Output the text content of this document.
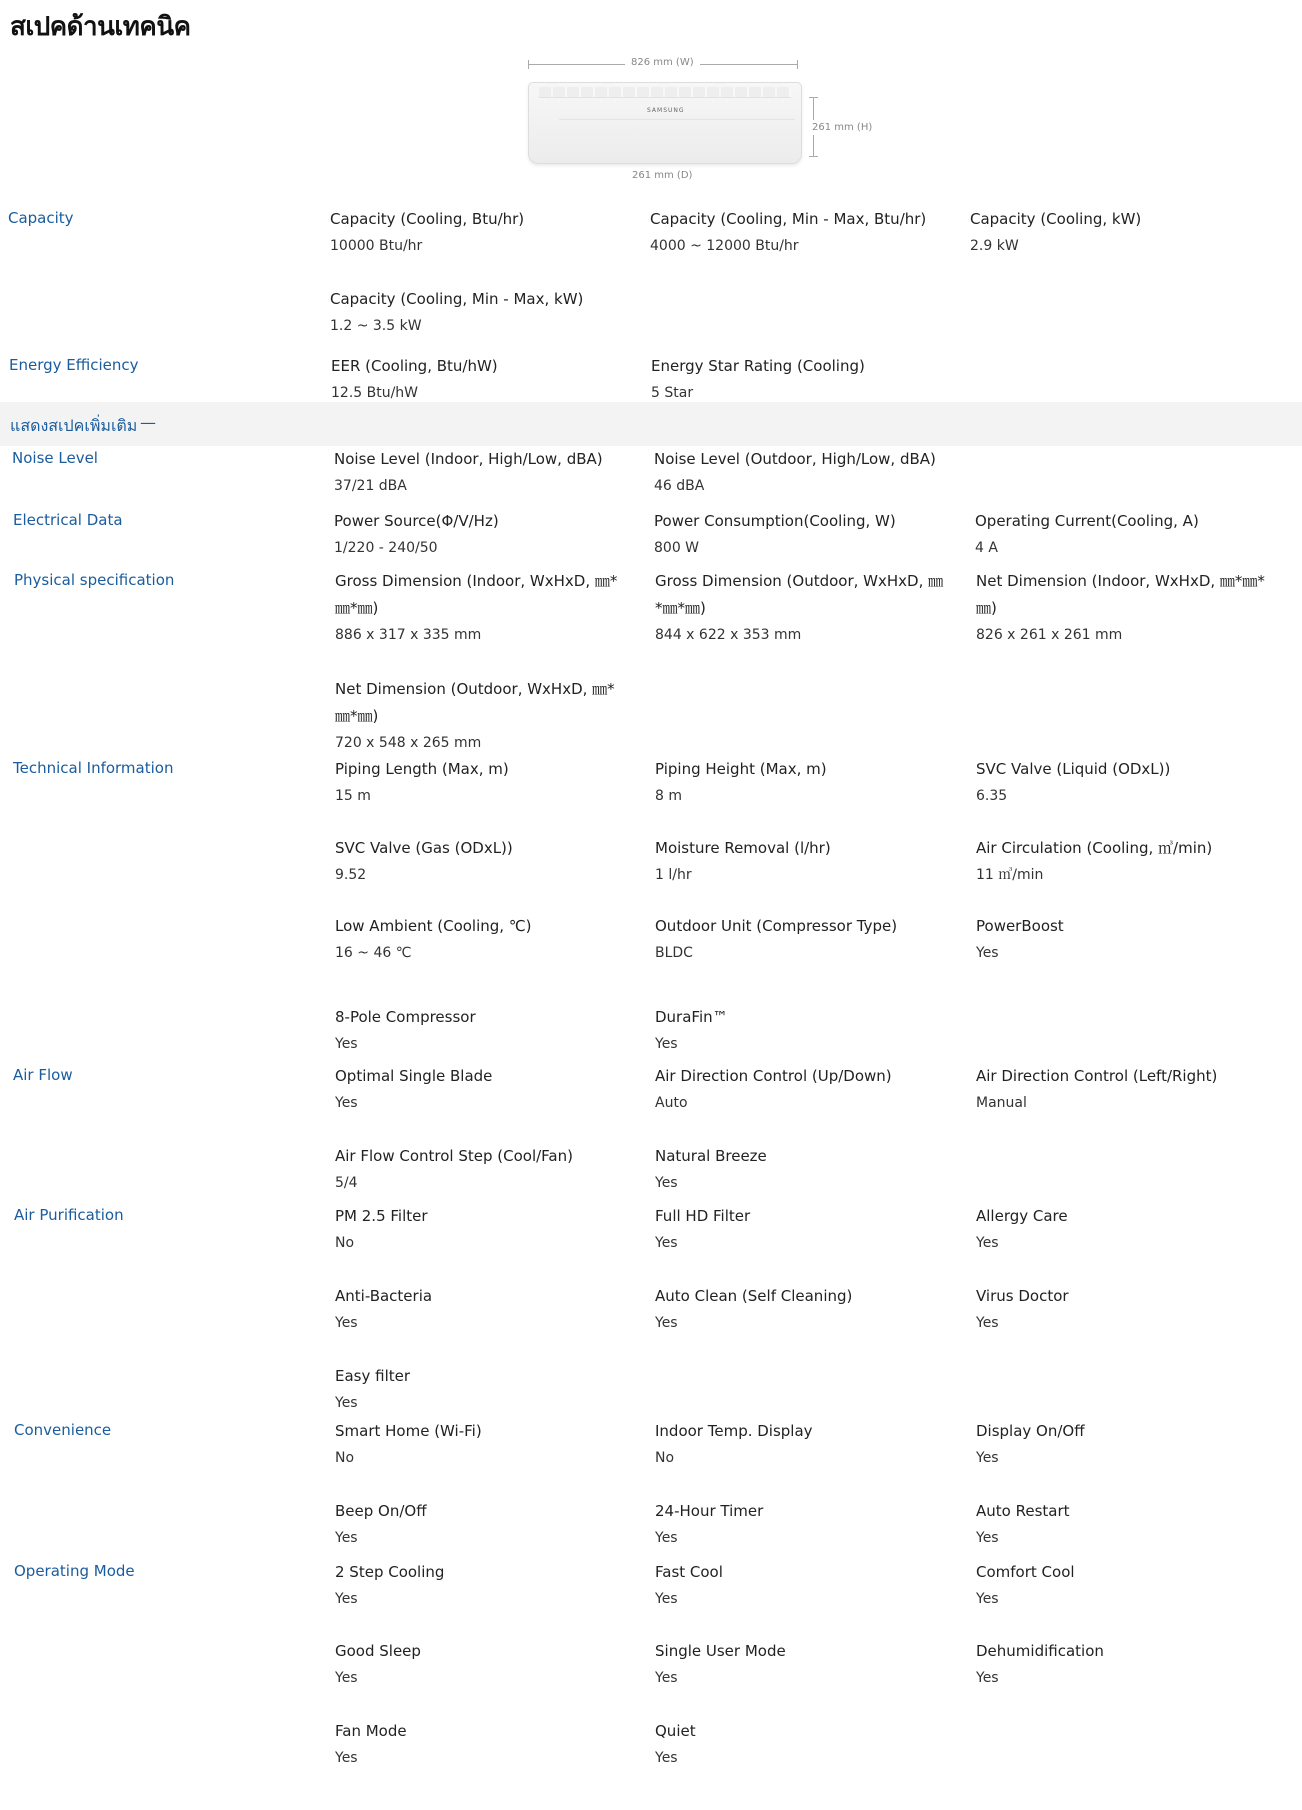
สเปคด้านเทคนิค
826 mm (W)
SAMSUNG
261 mm (H)
261 mm (D)
แสดงสเปคเพิ่มเติม —
Capacity	Capacity (Cooling, Btu/hr)
10000 Btu/hr
Capacity (Cooling, Min - Max, Btu/hr)
4000 ~ 12000 Btu/hr
Capacity (Cooling, kW)
2.9 kW
Capacity (Cooling, Min - Max, kW)
1.2 ~ 3.5 kW
Energy Efficiency	EER (Cooling, Btu/hW)
12.5 Btu/hW
Energy Star Rating (Cooling)
5 Star
Noise Level	Noise Level (Indoor, High/Low, dBA)
37/21 dBA
Noise Level (Outdoor, High/Low, dBA)
46 dBA
Electrical Data	Power Source(Φ/V/Hz)
1/220 - 240/50
Power Consumption(Cooling, W)
800 W
Operating Current(Cooling, A)
4 A
Physical specification	Gross Dimension (Indoor, WxHxD, ㎜*㎜*㎜)
886 x 317 x 335 mm
Gross Dimension (Outdoor, WxHxD, ㎜*㎜*㎜)
844 x 622 x 353 mm
Net Dimension (Indoor, WxHxD, ㎜*㎜*㎜)
826 x 261 x 261 mm
Net Dimension (Outdoor, WxHxD, ㎜*㎜*㎜)
720 x 548 x 265 mm
Technical Information	Piping Length (Max, m)
15 m
Piping Height (Max, m)
8 m
SVC Valve (Liquid (ODxL))
6.35
SVC Valve (Gas (ODxL))
9.52
Moisture Removal (l/hr)
1 l/hr
Air Circulation (Cooling, ㎥/min)
11 ㎥/min
Low Ambient (Cooling, ℃)
16 ~ 46 ℃
Outdoor Unit (Compressor Type)
BLDC
PowerBoost
Yes
8-Pole Compressor
Yes
DuraFin™
Yes
Air Flow	Optimal Single Blade
Yes
Air Direction Control (Up/Down)
Auto
Air Direction Control (Left/Right)
Manual
Air Flow Control Step (Cool/Fan)
5/4
Natural Breeze
Yes
Air Purification	PM 2.5 Filter
No
Full HD Filter
Yes
Allergy Care
Yes
Anti-Bacteria
Yes
Auto Clean (Self Cleaning)
Yes
Virus Doctor
Yes
Easy filter
Yes
Convenience	Smart Home (Wi-Fi)
No
Indoor Temp. Display
No
Display On/Off
Yes
Beep On/Off
Yes
24-Hour Timer
Yes
Auto Restart
Yes
Operating Mode	2 Step Cooling
Yes
Fast Cool
Yes
Comfort Cool
Yes
Good Sleep
Yes
Single User Mode
Yes
Dehumidification
Yes
Fan Mode
Yes
Quiet
Yes
